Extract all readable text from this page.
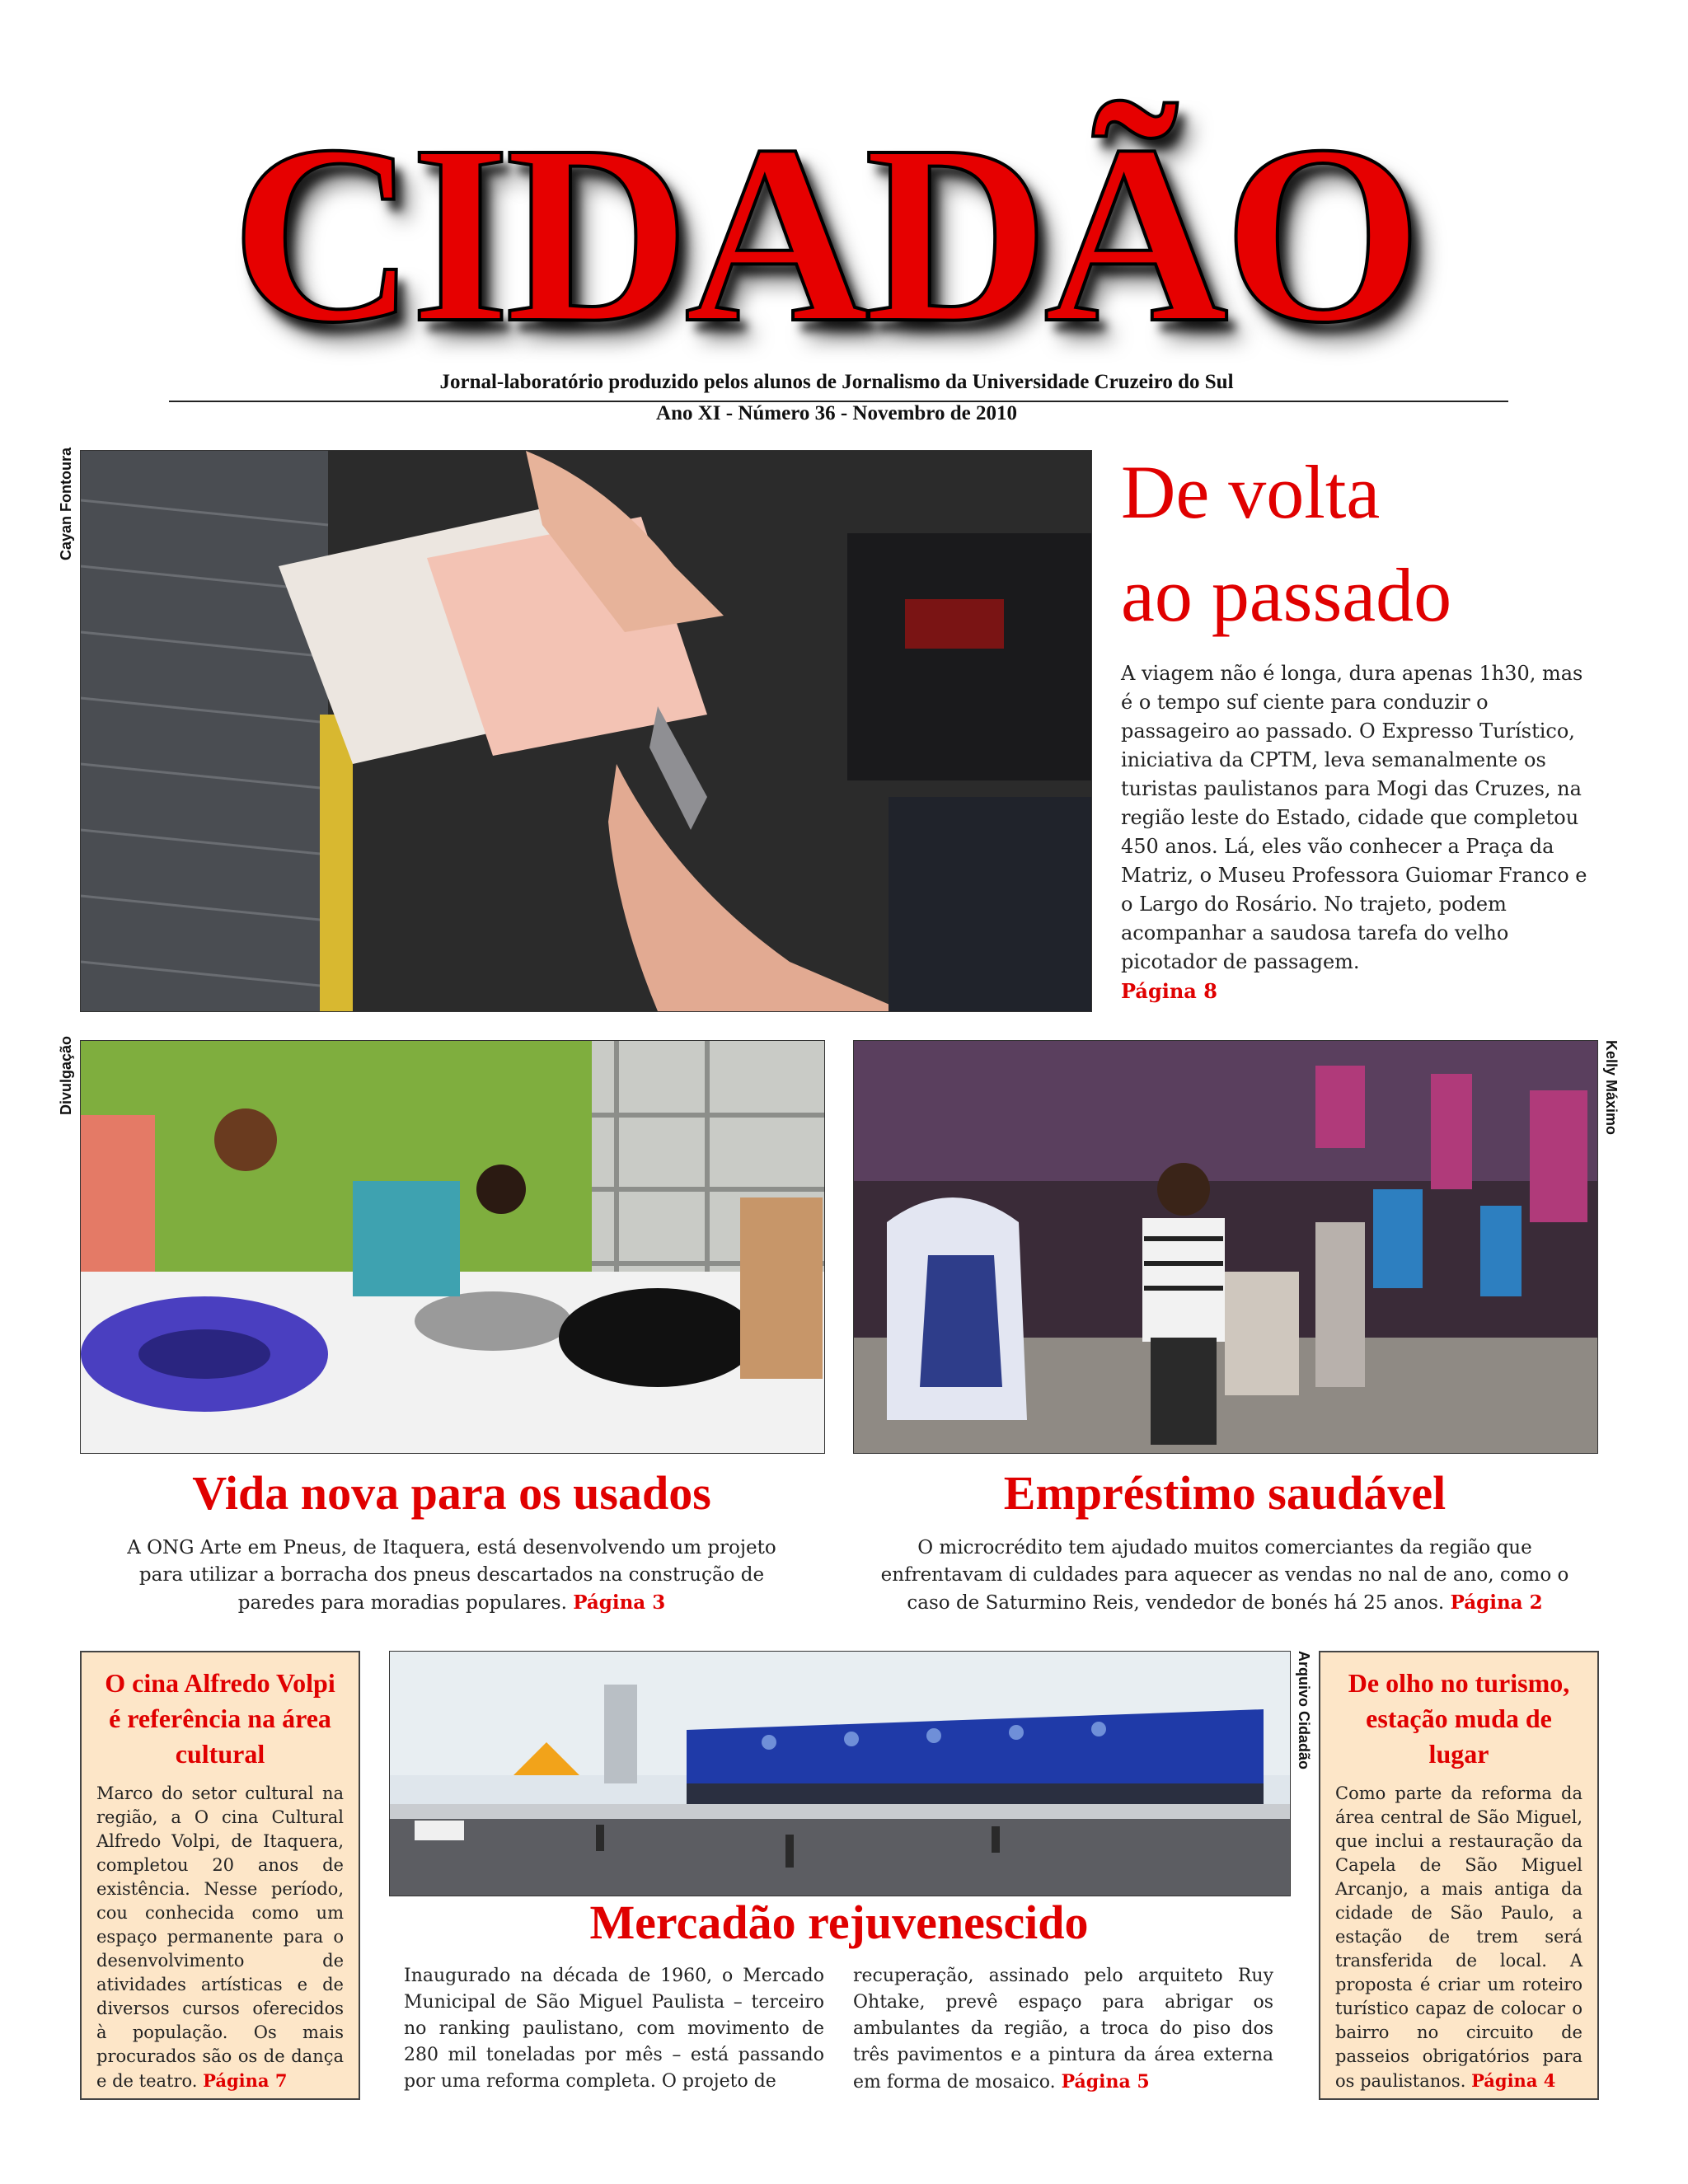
CIDADÃO
Jornal-laboratório produzido pelos alunos de Jornalismo da Universidade Cruzeiro do Sul
Ano XI - Número 36 - Novembro de 2010
Cayan Fontoura	De volta
ao passado
A viagem não é longa, dura apenas 1h30, mas é o tempo suf ciente para conduzir o passageiro ao passado. O Expresso Turístico, iniciativa da CPTM, leva semanalmente os turistas paulistanos para Mogi das Cruzes, na região leste do Estado, cidade que completou 450 anos. Lá, eles vão conhecer a Praça da Matriz, o Museu Professora Guiomar Franco e o Largo do Rosário. No trajeto, podem acompanhar a saudosa tarefa do velho picotador de passagem.
Página 8
Divulgação	Kelly Máximo
Vida nova para os usados
A ONG Arte em Pneus, de Itaquera, está desenvolvendo um projeto para utilizar a borracha dos pneus descartados na construção de paredes para moradias populares. Página 3
Empréstimo saudável
O microcrédito tem ajudado muitos comerciantes da região que enfrentavam di culdades para aquecer as vendas no nal de ano, como o caso de Saturmino Reis, vendedor de bonés há 25 anos. Página 2
O cina Alfredo Volpi é referência na área cultural
Marco do setor cultural na região, a O cina Cultural Alfredo Volpi, de Itaquera, completou 20 anos de existência. Nesse período, cou conhecida como um espaço permanente para o desenvolvimento de atividades artísticas e de diversos cursos oferecidos à população. Os mais procurados são os de dança e de teatro. Página 7
Arquivo Cidadão
Mercadão rejuvenescido
Inaugurado na década de 1960, o Mercado Municipal de São Miguel Paulista – terceiro no ranking paulistano, com movimento de 280 mil toneladas por mês – está passando por uma reforma completa. O projeto de
recuperação, assinado pelo arquiteto Ruy Ohtake, prevê espaço para abrigar os ambulantes da região, a troca do piso dos três pavimentos e a pintura da área externa em forma de mosaico. Página 5
De olho no turismo, estação muda de lugar
Como parte da reforma da área central de São Miguel, que inclui a restauração da Capela de São Miguel Arcanjo, a mais antiga da cidade de São Paulo, a estação de trem será transferida de local. A proposta é criar um roteiro turístico capaz de colocar o bairro no circuito de passeios obrigatórios para os paulistanos. Página 4
